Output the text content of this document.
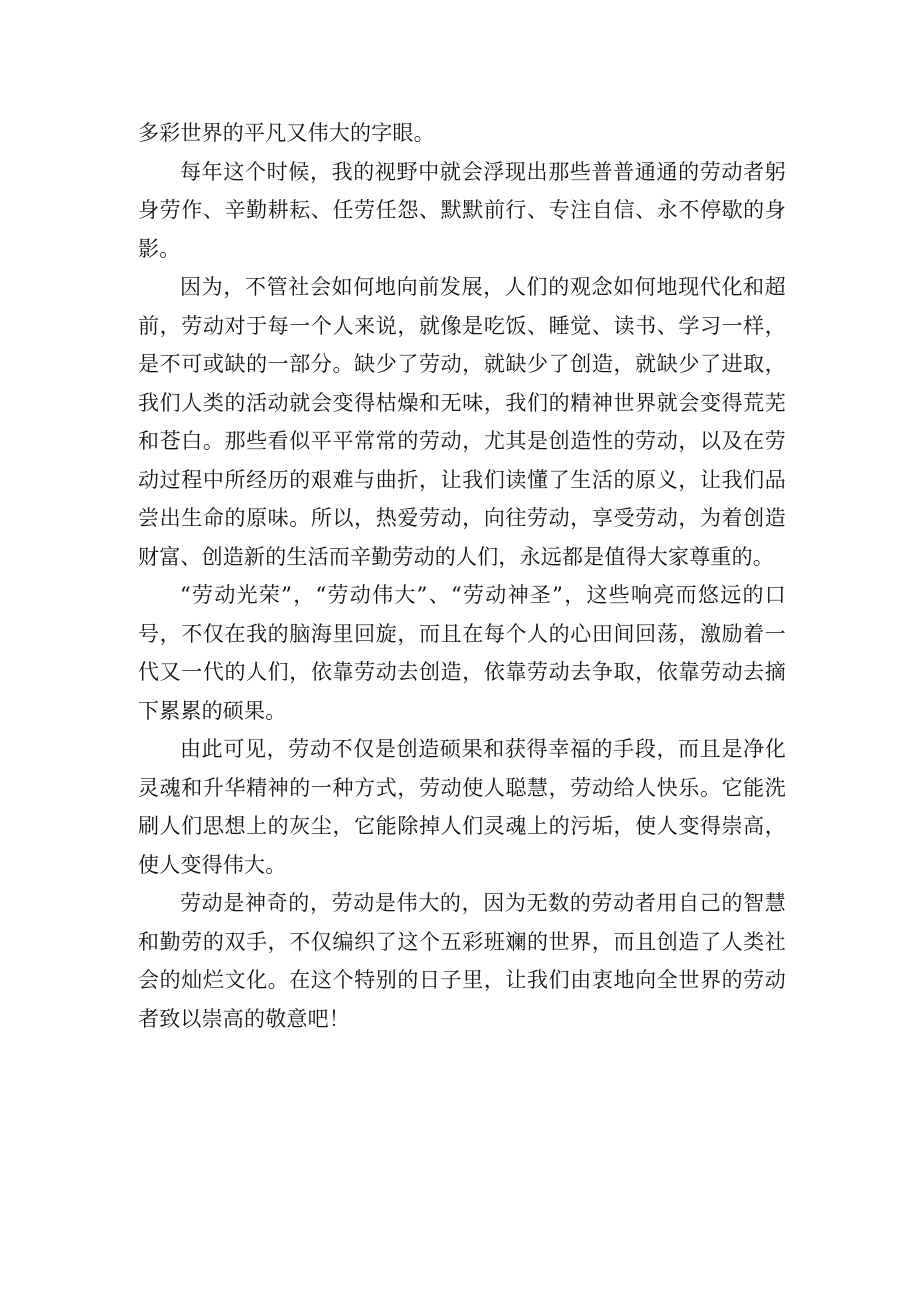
多彩世界的平凡又伟大的字眼。

每年这个时候，我的视野中就会浮现出那些普普通通的劳动者躬身劳作、辛勤耕耘、任劳任怨、默默前行、专注自信、永不停歇的身影。

因为，不管社会如何地向前发展，人们的观念如何地现代化和超前，劳动对于每一个人来说，就像是吃饭、睡觉、读书、学习一样，是不可或缺的一部分。缺少了劳动，就缺少了创造，就缺少了进取，我们人类的活动就会变得枯燥和无味，我们的精神世界就会变得荒芜和苍白。那些看似平平常常的劳动，尤其是创造性的劳动，以及在劳动过程中所经历的艰难与曲折，让我们读懂了生活的原义，让我们品尝出生命的原味。所以，热爱劳动，向往劳动，享受劳动，为着创造财富、创造新的生活而辛勤劳动的人们，永远都是值得大家尊重的。

“劳动光荣”，“劳动伟大”、“劳动神圣”，这些响亮而悠远的口号，不仅在我的脑海里回旋，而且在每个人的心田间回荡，激励着一代又一代的人们，依靠劳动去创造，依靠劳动去争取，依靠劳动去摘下累累的硕果。

由此可见，劳动不仅是创造硕果和获得幸福的手段，而且是净化灵魂和升华精神的一种方式，劳动使人聪慧，劳动给人快乐。它能洗刷人们思想上的灰尘，它能除掉人们灵魂上的污垢，使人变得崇高，使人变得伟大。

劳动是神奇的，劳动是伟大的，因为无数的劳动者用自己的智慧和勤劳的双手，不仅编织了这个五彩班斓的世界，而且创造了人类社会的灿烂文化。在这个特别的日子里，让我们由衷地向全世界的劳动者致以崇高的敬意吧！
